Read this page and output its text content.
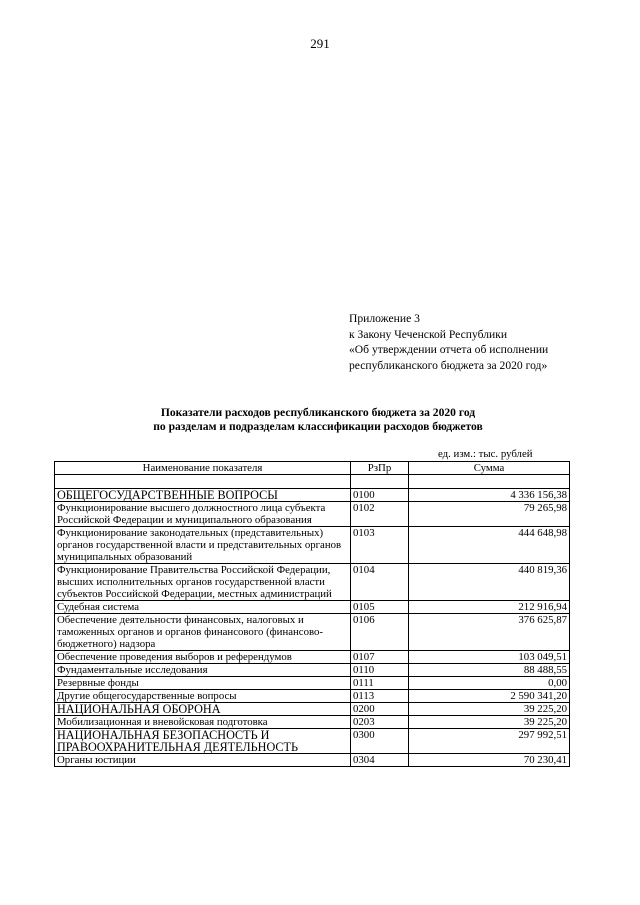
291
Приложение 3
к Закону Чеченской Республики
«Об утверждении отчета об исполнении
республиканского бюджета за 2020 год»
Показатели расходов республиканского бюджета за 2020 год
по разделам и подразделам классификации расходов бюджетов
ед. изм.: тыс. рублей
Наименование показателя	РзПр	Сумма

ОБЩЕГОСУДАРСТВЕННЫЕ ВОПРОСЫ	0100	4 336 156,38
Функционирование высшего должностного лица субъекта Российской Федерации и муниципального образования	0102	79 265,98
Функционирование законодательных (представительных) органов государственной власти и представительных органов муниципальных образований	0103	444 648,98
Функционирование Правительства Российской Федерации, высших исполнительных органов государственной власти субъектов Российской Федерации, местных администраций	0104	440 819,36
Судебная система	0105	212 916,94
Обеспечение деятельности финансовых, налоговых и таможенных органов и органов финансового (финансово-бюджетного) надзора	0106	376 625,87
Обеспечение проведения выборов и референдумов	0107	103 049,51
Фундаментальные исследования	0110	88 488,55
Резервные фонды	0111	0,00
Другие общегосударственные вопросы	0113	2 590 341,20
НАЦИОНАЛЬНАЯ ОБОРОНА	0200	39 225,20
Мобилизационная и вневойсковая подготовка	0203	39 225,20
НАЦИОНАЛЬНАЯ БЕЗОПАСНОСТЬ И ПРАВООХРАНИТЕЛЬНАЯ ДЕЯТЕЛЬНОСТЬ	0300	297 992,51
Органы юстиции	0304	70 230,41
